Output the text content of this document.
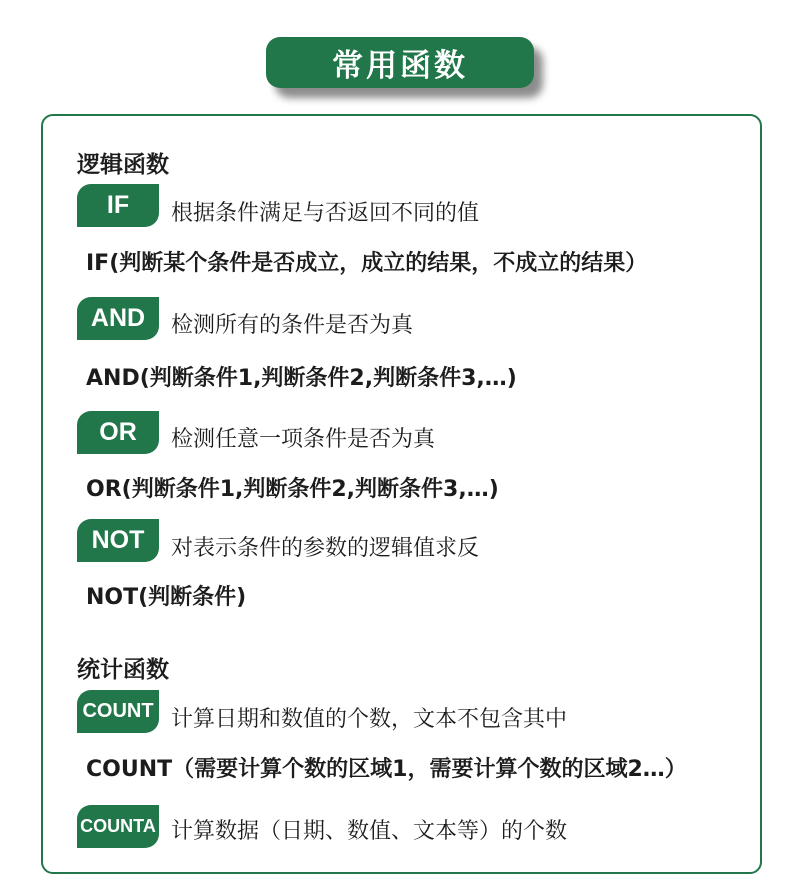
常用函数
逻辑函数
IF	根据条件满足与否返回不同的值
IF(判断某个条件是否成立，成立的结果，不成立的结果）
AND	检测所有的条件是否为真
AND(判断条件1,判断条件2,判断条件3,…)
OR	检测任意一项条件是否为真
OR(判断条件1,判断条件2,判断条件3,…)
NOT	对表示条件的参数的逻辑值求反
NOT(判断条件)
统计函数
COUNT 计算日期和数值的个数，文本不包含其中
COUNT（需要计算个数的区域1，需要计算个数的区域2…）
COUNTA 计算数据（日期、数值、文本等）的个数
